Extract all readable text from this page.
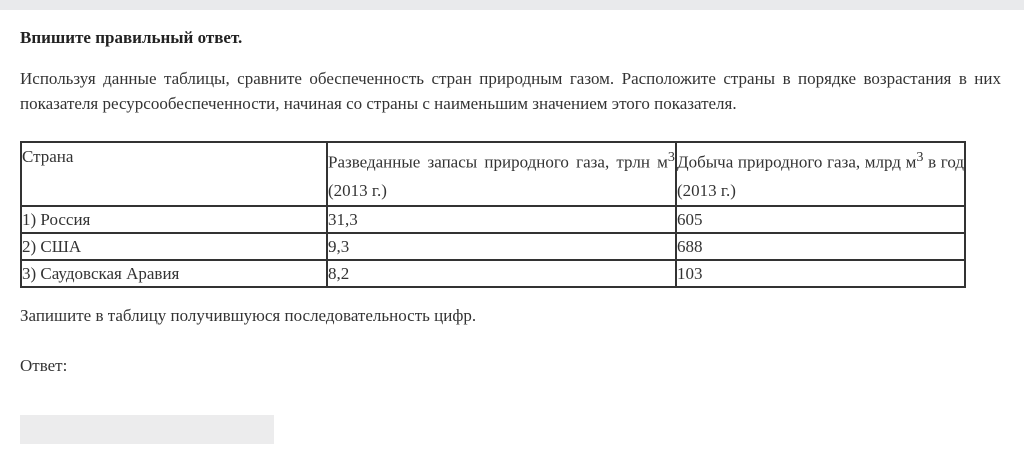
Впишите правильный ответ.
Используя данные таблицы, сравните обеспеченность стран природным газом. Расположите страны в порядке возрастания в них показателя ресурсообеспеченности, начиная со страны с наименьшим значением этого показателя.
Страна	Разведанные запасы природного газа, трлн $м^3$ (2013 г.)	Добыча природного газа, млрд $м^3$ в год (2013 г.)
1) Россия	31,3	605
2) США	9,3	688
3) Саудовская Аравия	8,2	103
Запишите в таблицу получившуюся последовательность цифр.
Ответ:
